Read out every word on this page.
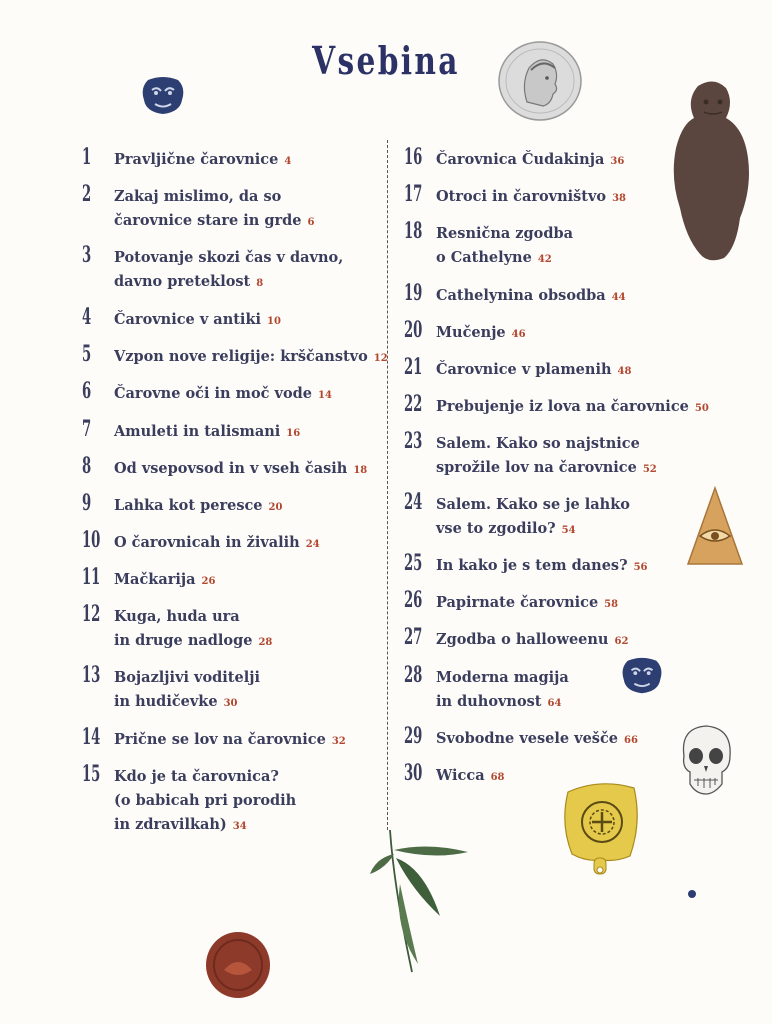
Vsebina
1	Pravljične čarovnice 4
2	Zakaj mislimo, da so
čarovnice stare in grde 6
3	Potovanje skozi čas v davno,
davno preteklost 8
4	Čarovnice v antiki 10
5	Vzpon nove religije: krščanstvo 12
6	Čarovne oči in moč vode 14
7	Amuleti in talismani 16
8	Od vsepovsod in v vseh časih 18
9	Lahka kot peresce 20
10 O čarovnicah in živalih 24
11 Mačkarija 26
12 Kuga, huda ura
in druge nadloge 28
13 Bojazljivi voditelji
in hudičevke 30
14 Prične se lov na čarovnice 32
15 Kdo je ta čarovnica?
(o babicah pri porodih
in zdravilkah) 34
16 Čarovnica Čudakinja 36
17 Otroci in čarovništvo 38
18 Resnična zgodba
o Cathelyne 42
19 Cathelynina obsodba 44
20 Mučenje 46
21 Čarovnice v plamenih 48
22 Prebujenje iz lova na čarovnice 50
23 Salem. Kako so najstnice
sprožile lov na čarovnice 52
24 Salem. Kako se je lahko
vse to zgodilo? 54
25 In kako je s tem danes? 56
26 Papirnate čarovnice 58
27 Zgodba o halloweenu 62
28 Moderna magija
in duhovnost 64
29 Svobodne vesele vešče 66
30 Wicca 68
